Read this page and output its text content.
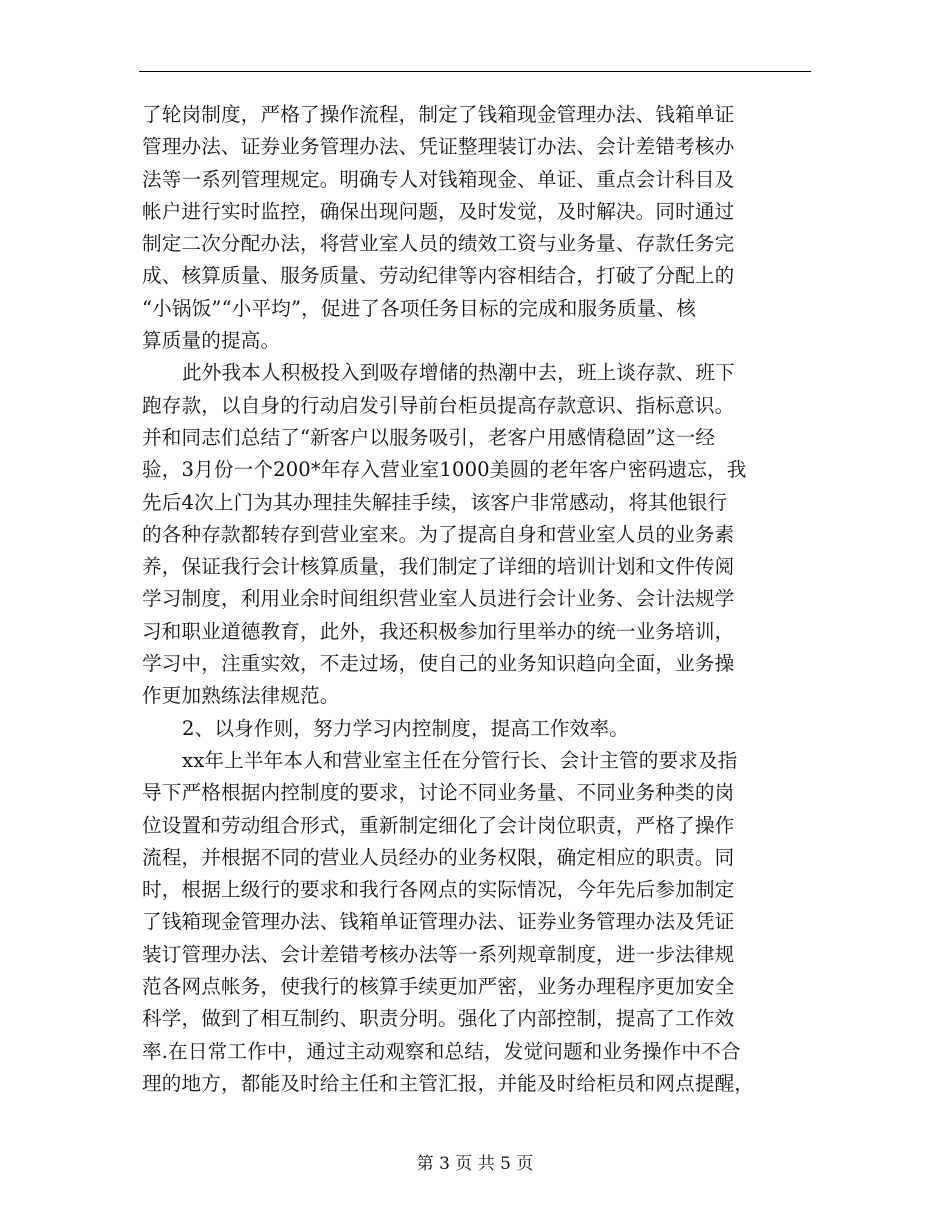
了轮岗制度，严格了操作流程，制定了钱箱现金管理办法、钱箱单证
管理办法、证券业务管理办法、凭证整理装订办法、会计差错考核办
法等一系列管理规定。明确专人对钱箱现金、单证、重点会计科目及
帐户进行实时监控，确保出现问题，及时发觉，及时解决。同时通过
制定二次分配办法，将营业室人员的绩效工资与业务量、存款任务完
成、核算质量、服务质量、劳动纪律等内容相结合，打破了分配上的
“小锅饭”“小平均”，促进了各项任务目标的完成和服务质量、核
算质量的提高。
此外我本人积极投入到吸存增储的热潮中去，班上谈存款、班下
跑存款，以自身的行动启发引导前台柜员提高存款意识、指标意识。
并和同志们总结了“新客户以服务吸引，老客户用感情稳固”这一经
验，3月份一个200*年存入营业室1000美圆的老年客户密码遗忘，我
先后4次上门为其办理挂失解挂手续，该客户非常感动，将其他银行
的各种存款都转存到营业室来。为了提高自身和营业室人员的业务素
养，保证我行会计核算质量，我们制定了详细的培训计划和文件传阅
学习制度，利用业余时间组织营业室人员进行会计业务、会计法规学
习和职业道德教育，此外，我还积极参加行里举办的统一业务培训，
学习中，注重实效，不走过场，使自己的业务知识趋向全面，业务操
作更加熟练法律规范。
2、以身作则，努力学习内控制度，提高工作效率。
xx年上半年本人和营业室主任在分管行长、会计主管的要求及指
导下严格根据内控制度的要求，讨论不同业务量、不同业务种类的岗
位设置和劳动组合形式，重新制定细化了会计岗位职责，严格了操作
流程，并根据不同的营业人员经办的业务权限，确定相应的职责。同
时，根据上级行的要求和我行各网点的实际情况，今年先后参加制定
了钱箱现金管理办法、钱箱单证管理办法、证券业务管理办法及凭证
装订管理办法、会计差错考核办法等一系列规章制度，进一步法律规
范各网点帐务，使我行的核算手续更加严密，业务办理程序更加安全
科学，做到了相互制约、职责分明。强化了内部控制，提高了工作效
率.在日常工作中，通过主动观察和总结，发觉问题和业务操作中不合
理的地方，都能及时给主任和主管汇报，并能及时给柜员和网点提醒，
第 3 页 共 5 页
